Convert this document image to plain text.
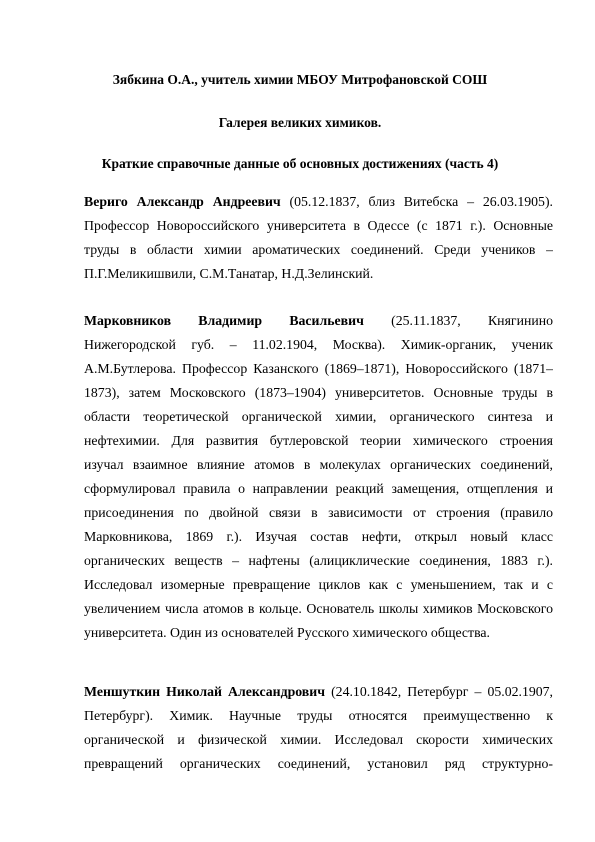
Зябкина О.А., учитель химии МБОУ Митрофановской СОШ
Галерея великих химиков.
Краткие справочные данные об основных достижениях (часть 4)
Вериго Александр Андреевич (05.12.1837, близ Витебска – 26.03.1905).
Профессор Новороссийского университета в Одессе (с 1871 г.). Основные
труды в области химии ароматических соединений. Среди учеников –
П.Г.Меликишвили, С.М.Танатар, Н.Д.Зелинский.
Марковников Владимир Васильевич (25.11.1837, Княгинино
Нижегородской губ. – 11.02.1904, Москва). Химик-органик, ученик
А.М.Бутлерова. Профессор Казанского (1869–1871), Новороссийского (1871–
1873), затем Московского (1873–1904) университетов. Основные труды в
области теоретической органической химии, органического синтеза и
нефтехимии. Для развития бутлеровской теории химического строения
изучал взаимное влияние атомов в молекулах органических соединений,
сформулировал правила о направлении реакций замещения, отщепления и
присоединения по двойной связи в зависимости от строения (правило
Марковникова, 1869 г.). Изучая состав нефти, открыл новый класс
органических веществ – нафтены (алициклические соединения, 1883 г.).
Исследовал изомерные превращение циклов как с уменьшением, так и с
увеличением числа атомов в кольце. Основатель школы химиков Московского
университета. Один из основателей Русского химического общества.
Меншуткин Николай Александрович (24.10.1842, Петербург – 05.02.1907,
Петербург). Химик. Научные труды относятся преимущественно к
органической и физической химии. Исследовал скорости химических
превращений органических соединений, установил ряд структурно-
